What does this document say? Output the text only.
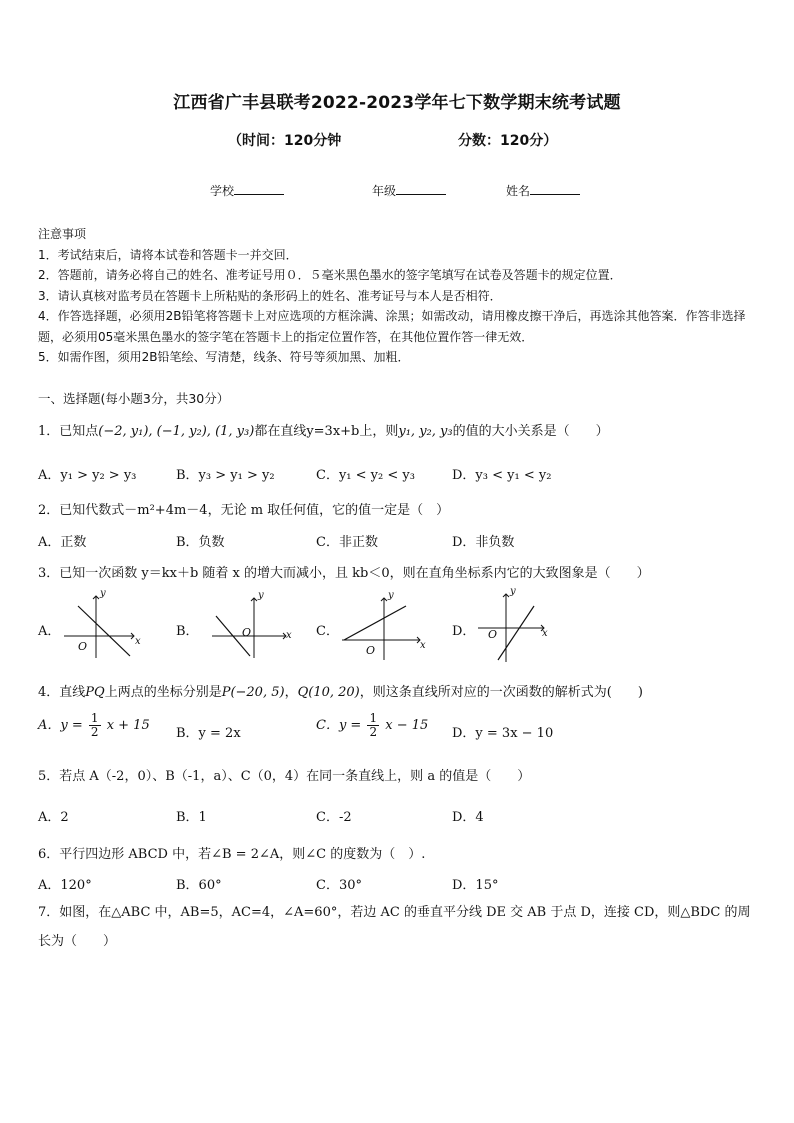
江西省广丰县联考2022-2023学年七下数学期末统考试题
（时间：120分钟	分数：120分）
学校	年级	姓名

注意事项

1．考试结束后，请将本试卷和答题卡一并交回．

2．答题前，请务必将自己的姓名、准考证号用０．５毫米黑色墨水的签字笔填写在试卷及答题卡的规定位置．

3．请认真核对监考员在答题卡上所粘贴的条形码上的姓名、准考证号与本人是否相符．

4．作答选择题，必须用2B铅笔将答题卡上对应选项的方框涂满、涂黑；如需改动，请用橡皮擦干净后，再选涂其他答案．作答非选择题，必须用05毫米黑色墨水的签字笔在答题卡上的指定位置作答，在其他位置作答一律无效．

5．如需作图，须用2B铅笔绘、写清楚，线条、符号等须加黑、加粗．

一、选择题(每小题3分，共30分）
1．已知点(−2, y₁), (−1, y₂), (1, y₃)都在直线y=3x+b上，则y₁, y₂, y₃的值的大小关系是（　　）
A．y₁ > y₂ > y₃	B．y₃ > y₁ > y₂	C．y₁ < y₂ < y₃	D．y₃ < y₁ < y₂
2．已知代数式－m²+4m－4，无论 m 取任何值，它的值一定是（　）
A．正数	B．负数	C．非正数	D．非负数
3．已知一次函数 y＝kx＋b 随着 x 的增大而减小，且 kb＜0，则在直角坐标系内它的大致图象是（　　）
A．
y
x
O
B．
y
x
O	C．
y
x
O
D．
y
x
O
4．直线PQ上两点的坐标分别是P(−20, 5)，Q(10, 20)，则这条直线所对应的一次函数的解析式为(　　)
A．$y = \frac{1}{2}$ x + 15
B．y = 2x
C．$y = \frac{1}{2}$ x − 15
D．y = 3x − 10
5．若点 A（-2，0）、B（-1，a）、C（0，4）在同一条直线上，则 a 的值是（　　）
A．2	B．1	C．-2	D．4
6．平行四边形 ABCD 中，若∠B = 2∠A，则∠C 的度数为（　）.
A．120°	B．60°	C．30°	D．15°
7．如图，在△ABC 中，AB=5，AC=4，∠A=60°，若边 AC 的垂直平分线 DE 交 AB 于点 D，连接 CD，则△BDC 的周长为（　　）
